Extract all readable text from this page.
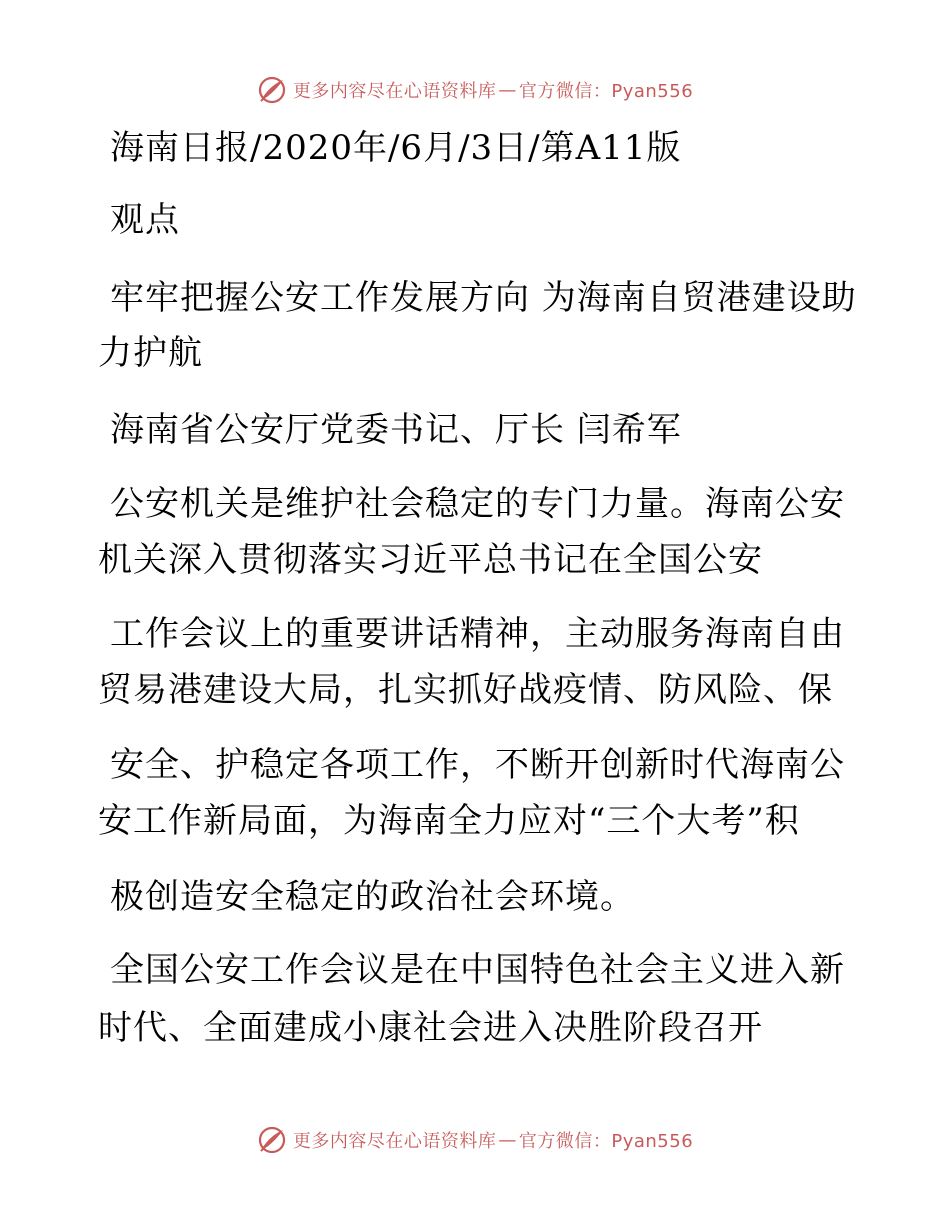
更多内容尽在心语资料库 — 官方微信：Pyan556
海南日报/2020年/6月/3日/第A11版
观点
牢牢把握公安工作发展方向 为海南自贸港建设助
力护航
海南省公安厅党委书记、厅长 闫希军
公安机关是维护社会稳定的专门力量。海南公安
机关深入贯彻落实习近平总书记在全国公安
工作会议上的重要讲话精神，主动服务海南自由
贸易港建设大局，扎实抓好战疫情、防风险、保
安全、护稳定各项工作，不断开创新时代海南公
安工作新局面，为海南全力应对“三个大考”积
极创造安全稳定的政治社会环境。
全国公安工作会议是在中国特色社会主义进入新
时代、全面建成小康社会进入决胜阶段召开
更多内容尽在心语资料库 — 官方微信：Pyan556
